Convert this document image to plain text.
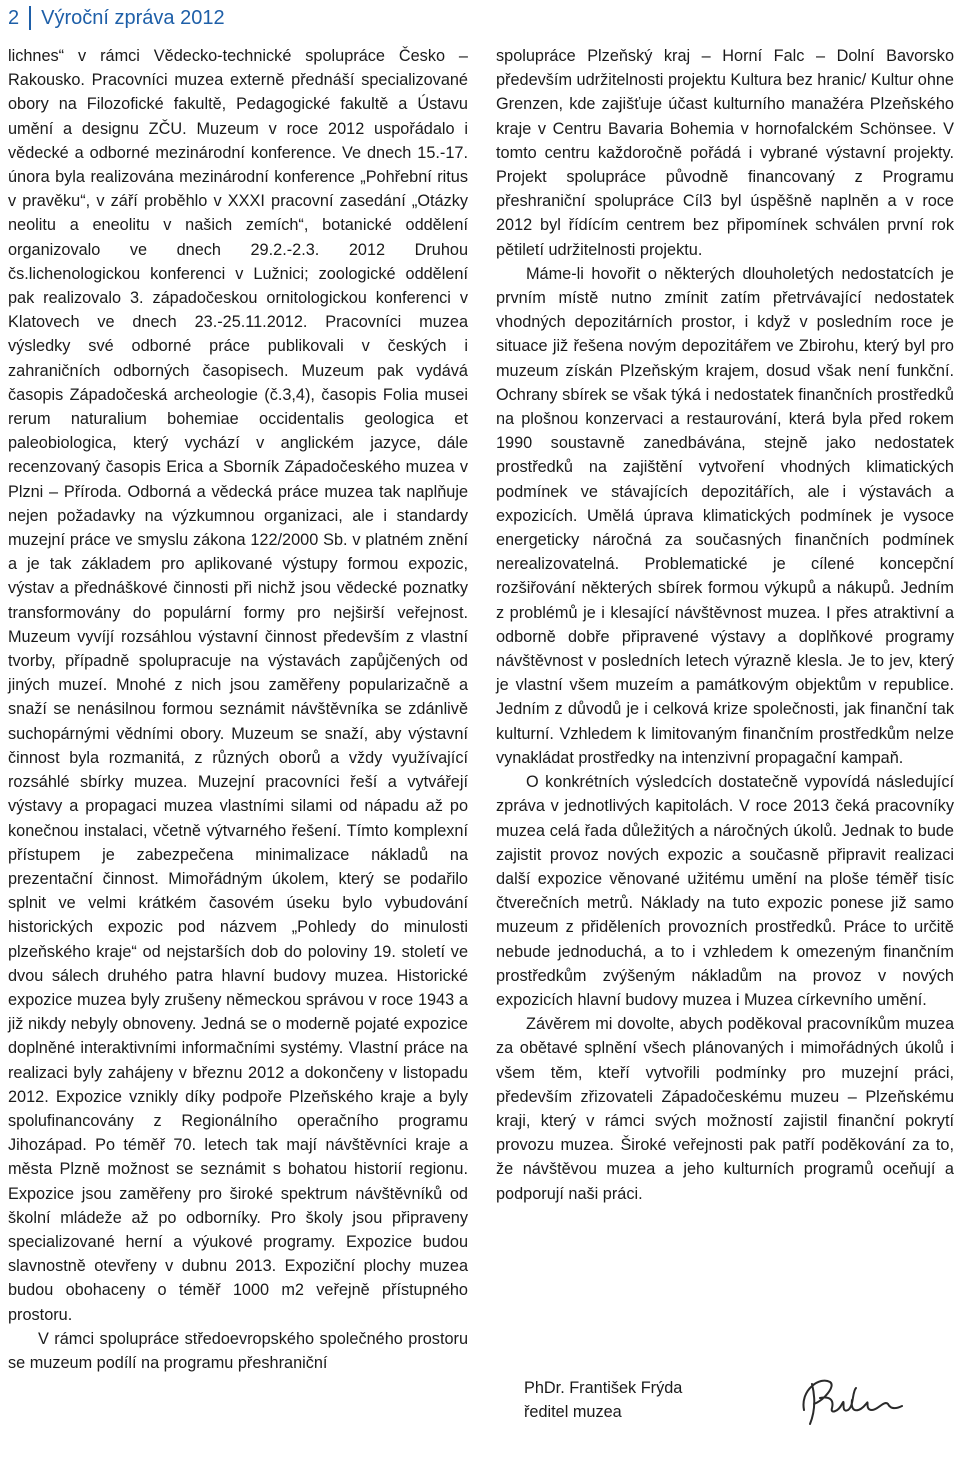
2 Výroční zpráva 2012

lichnes“ v rámci Vědecko-technické spolupráce Česko – Rakousko. Pracovníci muzea externě přednáší specializované obory na Filozofické fakultě, Pedagogické fakultě a Ústavu umění a designu ZČU. Muzeum v roce 2012 uspořádalo i vědecké a odborné mezinárodní konference. Ve dnech 15.-17. února byla realizována mezinárodní konference „Pohřební ritus v pravěku“, v září proběhlo v XXXI pracovní zasedání „Otázky neolitu a eneolitu v našich zemích“, botanické oddělení organizovalo ve dnech 29.2.-2.3. 2012 Druhou čs.lichenologickou konferenci v Lužnici; zoologické oddělení pak realizovalo 3. západočeskou ornitologickou konferenci v Klatovech ve dnech 23.-25.11.2012. Pracovníci muzea výsledky své odborné práce publikovali v českých i zahraničních odborných časopisech. Muzeum pak vydává časopis Západočeská archeologie (č.3,4), časopis Folia musei rerum naturalium bohemiae occidentalis geologica et paleobiologica, který vychází v anglickém jazyce, dále recenzovaný časopis Erica a Sborník Západočeského muzea v Plzni – Příroda. Odborná a vědecká práce muzea tak naplňuje nejen požadavky na výzkumnou organizaci, ale i standardy muzejní práce ve smyslu zákona 122/2000 Sb. v platném znění a je tak základem pro aplikované výstupy formou expozic, výstav a přednáškové činnosti při nichž jsou vědecké poznatky transformovány do populární formy pro nejširší veřejnost. Muzeum vyvíjí rozsáhlou výstavní činnost především z vlastní tvorby, případně spolupracuje na výstavách zapůjčených od jiných muzeí. Mnohé z nich jsou zaměřeny popularizačně a snaží se nenásilnou formou seznámit návštěvníka se zdánlivě suchopárnými vědními obory. Muzeum se snaží, aby výstavní činnost byla rozmanitá, z různých oborů a vždy využívající rozsáhlé sbírky muzea. Muzejní pracovníci řeší a vytvářejí výstavy a propagaci muzea vlastními silami od nápadu až po konečnou instalaci, včetně výtvarného řešení. Tímto komplexní přístupem je zabezpečena minimalizace nákladů na prezentační činnost. Mimořádným úkolem, který se podařilo splnit ve velmi krátkém časovém úseku bylo vybudování historických expozic pod názvem „Pohledy do minulosti plzeňského kraje“ od nejstarších dob do poloviny 19. století ve dvou sálech druhého patra hlavní budovy muzea. Historické expozice muzea byly zrušeny německou správou v roce 1943 a již nikdy nebyly obnoveny. Jedná se o moderně pojaté expozice doplněné interaktivními informačními systémy. Vlastní práce na realizaci byly zahájeny v březnu 2012 a dokončeny v listopadu 2012. Expozice vznikly díky podpoře Plzeňského kraje a byly spolufinancovány z Regionálního operačního programu Jihozápad. Po téměř 70. letech tak mají návštěvníci kraje a města Plzně možnost se seznámit s bohatou historií regionu. Expozice jsou zaměřeny pro široké spektrum návštěvníků od školní mládeže až po odborníky. Pro školy jsou připraveny specializované herní a výukové programy. Expozice budou slavnostně otevřeny v dubnu 2013. Expoziční plochy muzea budou obohaceny o téměř 1000 m2 veřejně přístupného prostoru.

V rámci spolupráce středoevropského společného prostoru se muzeum podílí na programu přeshraniční

spolupráce Plzeňský kraj – Horní Falc – Dolní Bavorsko především udržitelnosti projektu Kultura bez hranic/ Kultur ohne Grenzen, kde zajišťuje účast kulturního manažéra Plzeňského kraje v Centru Bavaria Bohemia v hornofalckém Schönsee. V tomto centru každoročně pořádá i vybrané výstavní projekty. Projekt spolupráce původně financovaný z Programu přeshraniční spolupráce Cíl3 byl úspěšně naplněn a v roce 2012 byl řídícím centrem bez připomínek schválen první rok pětiletí udržitelnosti projektu.

Máme-li hovořit o některých dlouholetých nedostatcích je prvním místě nutno zmínit zatím přetrvávající nedostatek vhodných depozitárních prostor, i když v posledním roce je situace již řešena novým depozitářem ve Zbirohu, který byl pro muzeum získán Plzeňským krajem, dosud však není funkční. Ochrany sbírek se však týká i nedostatek finančních prostředků na plošnou konzervaci a restaurování, která byla před rokem 1990 soustavně zanedbávána, stejně jako nedostatek prostředků na zajištění vytvoření vhodných klimatických podmínek ve stávajících depozitářích, ale i výstavách a expozicích. Umělá úprava klimatických podmínek je vysoce energeticky náročná za současných finančních podmínek nerealizovatelná. Problematické je cílené koncepční rozšiřování některých sbírek formou výkupů a nákupů. Jedním z problémů je i klesající návštěvnost muzea. I přes atraktivní a odborně dobře připravené výstavy a doplňkové programy návštěvnost v posledních letech výrazně klesla. Je to jev, který je vlastní všem muzeím a památkovým objektům v republice. Jedním z důvodů je i celková krize společnosti, jak finanční tak kulturní. Vzhledem k limitovaným finančním prostředkům nelze vynakládat prostředky na intenzivní propagační kampaň.

O konkrétních výsledcích dostatečně vypovídá následující zpráva v jednotlivých kapitolách. V roce 2013 čeká pracovníky muzea celá řada důležitých a náročných úkolů. Jednak to bude zajistit provoz nových expozic a současně připravit realizaci další expozice věnované užitému umění na ploše téměř tisíc čtverečních metrů. Náklady na tuto expozic ponese již samo muzeum z přiděleních provozních prostředků. Práce to určitě nebude jednoduchá, a to i vzhledem k omezeným finančním prostředkům zvýšeným nákladům na provoz v nových expozicích hlavní budovy muzea i Muzea církevního umění.

Závěrem mi dovolte, abych poděkoval pracovníkům muzea za obětavé splnění všech plánovaných i mimořádných úkolů i všem těm, kteří vytvořili podmínky pro muzejní práci, především zřizovateli Západočeskému muzeu – Plzeňskému kraji, který v rámci svých možností zajistil finanční pokrytí provozu muzea. Široké veřejnosti pak patří poděkování za to, že návštěvou muzea a jeho kulturních programů oceňují a podporují naši práci.

PhDr. František Frýda
ředitel muzea
